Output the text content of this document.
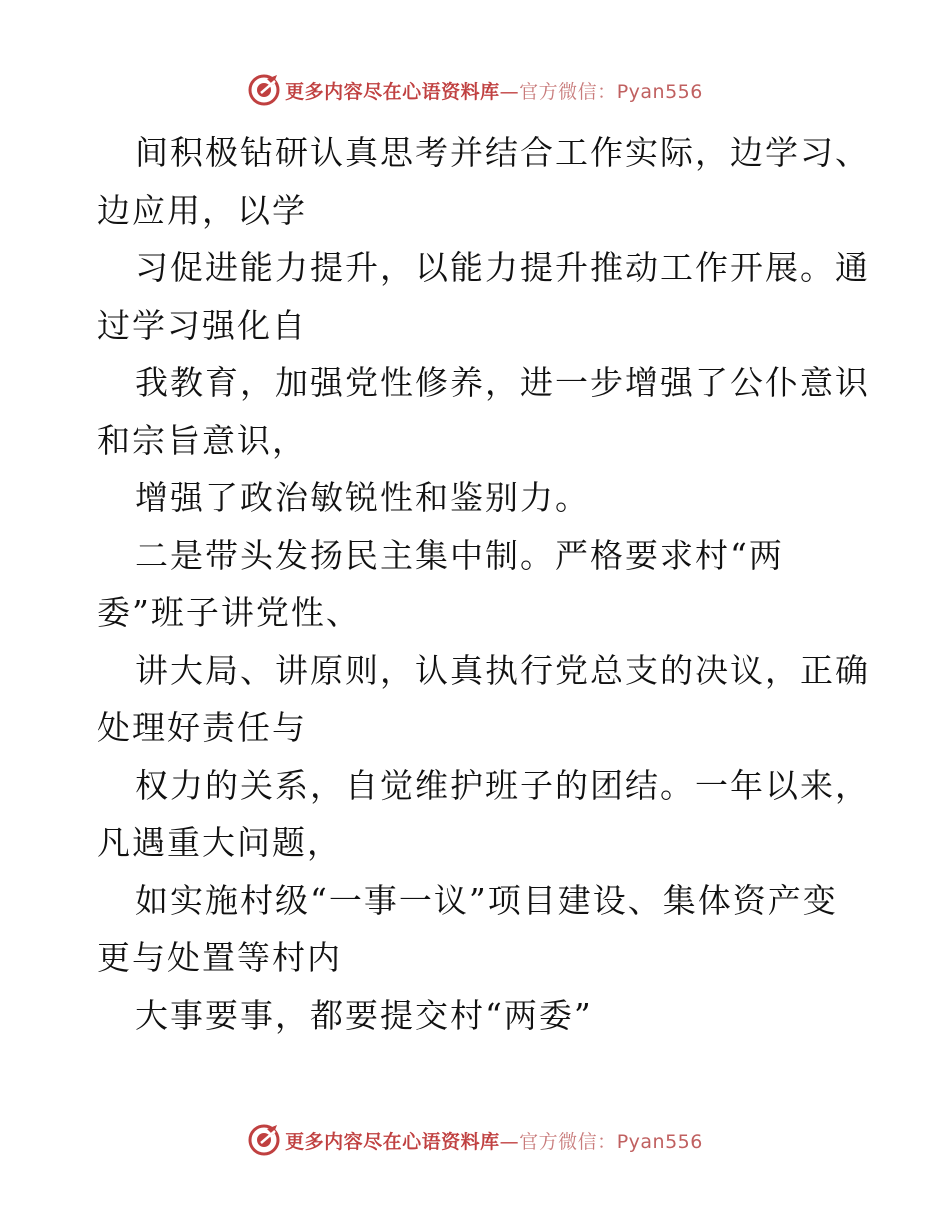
更多内容尽在心语资料库—官方微信：Pyan556
间积极钻研认真思考并结合工作实际，边学习、
边应用，以学
习促进能力提升，以能力提升推动工作开展。通
过学习强化自
我教育，加强党性修养，进一步增强了公仆意识
和宗旨意识，
增强了政治敏锐性和鉴别力。
二是带头发扬民主集中制。严格要求村“两
委”班子讲党性、
讲大局、讲原则，认真执行党总支的决议，正确
处理好责任与
权力的关系，自觉维护班子的团结。一年以来，
凡遇重大问题，
如实施村级“一事一议”项目建设、集体资产变
更与处置等村内
大事要事，都要提交村“两委”
更多内容尽在心语资料库—官方微信：Pyan556
